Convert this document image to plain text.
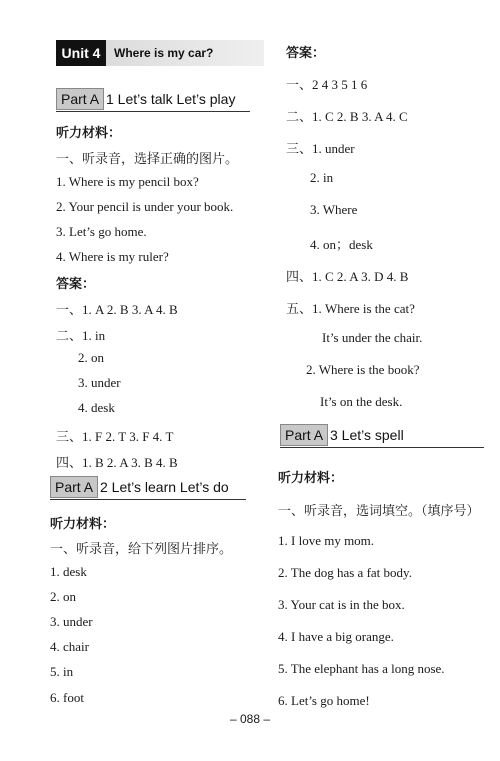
Unit 4	Where is my car?
Part A 1 Let’s talk Let’s play
听力材料：
一、听录音，选择正确的图片。
1. Where is my pencil box?
2. Your pencil is under your book.
3. Let’s go home.
4. Where is my ruler?
答案：
一、1. A 2. B 3. A 4. B
二、1. in
2. on
3. under
4. desk
三、1. F 2. T 3. F 4. T
四、1. B 2. A 3. B 4. B
Part A 2 Let’s learn Let’s do
听力材料：
一、听录音，给下列图片排序。
1. desk
2. on
3. under
4. chair
5. in
6. foot
答案：
一、2 4 3 5 1 6
二、1. C 2. B 3. A 4. C
三、1. under
2. in
3. Where
4. on；desk
四、1. C 2. A 3. D 4. B
五、1. Where is the cat?
It’s under the chair.
2. Where is the book?
It’s on the desk.
Part A 3 Let’s spell
听力材料：
一、听录音，选词填空。（填序号）
1. I love my mom.
2. The dog has a fat body.
3. Your cat is in the box.
4. I have a big orange.
5. The elephant has a long nose.
6. Let’s go home!
– 088 –
